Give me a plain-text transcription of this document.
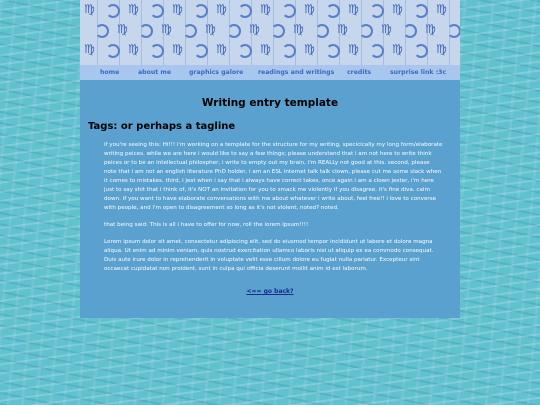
♍	♍	♍	♍	♍	♍	♍	♍	♍
♍	♍	♍	♍	♍	♍	♍	♍
♍	♍	♍	♍	♍	♍	♍	♍	♍
home	about me	graphics galore readings and writings credits	surprise link :3c
Writing entry template
Tags: or perhaps a tagline

if you're seeing this: Hi!!! i'm working on a template for the structure for my writing, specicically my long form/elaborate writing peices. while we are here i would like to say a few things; please understand that i am not here to write think peices or to be an intellectual philospher, i write to empty out my brain, i'm REALLy not good at this. second, please note that i am not an english literature PhD holder, i am an ESL internet talk talk clown, please cut me some slack when it comes to mistakes. third, i jest when i say that i always have correct takes, once again i am a clown jester, i'm here just to say shit that i think of, it's NOT an invitation for you to smack me violently if you disagree. it's fine diva. calm down. if you want to have elaborate conversations with me about whatever i write about, feel free!! i love to converse with people, and i'm open to disagreement so long as it's not violent, noted? noted.

that being said: This is all i have to offer for now, roll the lorem ipsum!!!!

Lorem ipsum dolor sit amet, consectetur adipiscing elit, sed do eiusmod tempor incididunt ut labore et dolore magna aliqua. Ut enim ad minim veniam, quis nostrud exercitation ullamco laboris nisi ut aliquip ex ea commodo consequat. Duis aute irure dolor in reprehenderit in voluptate velit esse cillum dolore eu fugiat nulla pariatur. Excepteur sint occaecat cupidatat non proident, sunt in culpa qui officia deserunt mollit anim id est laborum.

<== go back?
